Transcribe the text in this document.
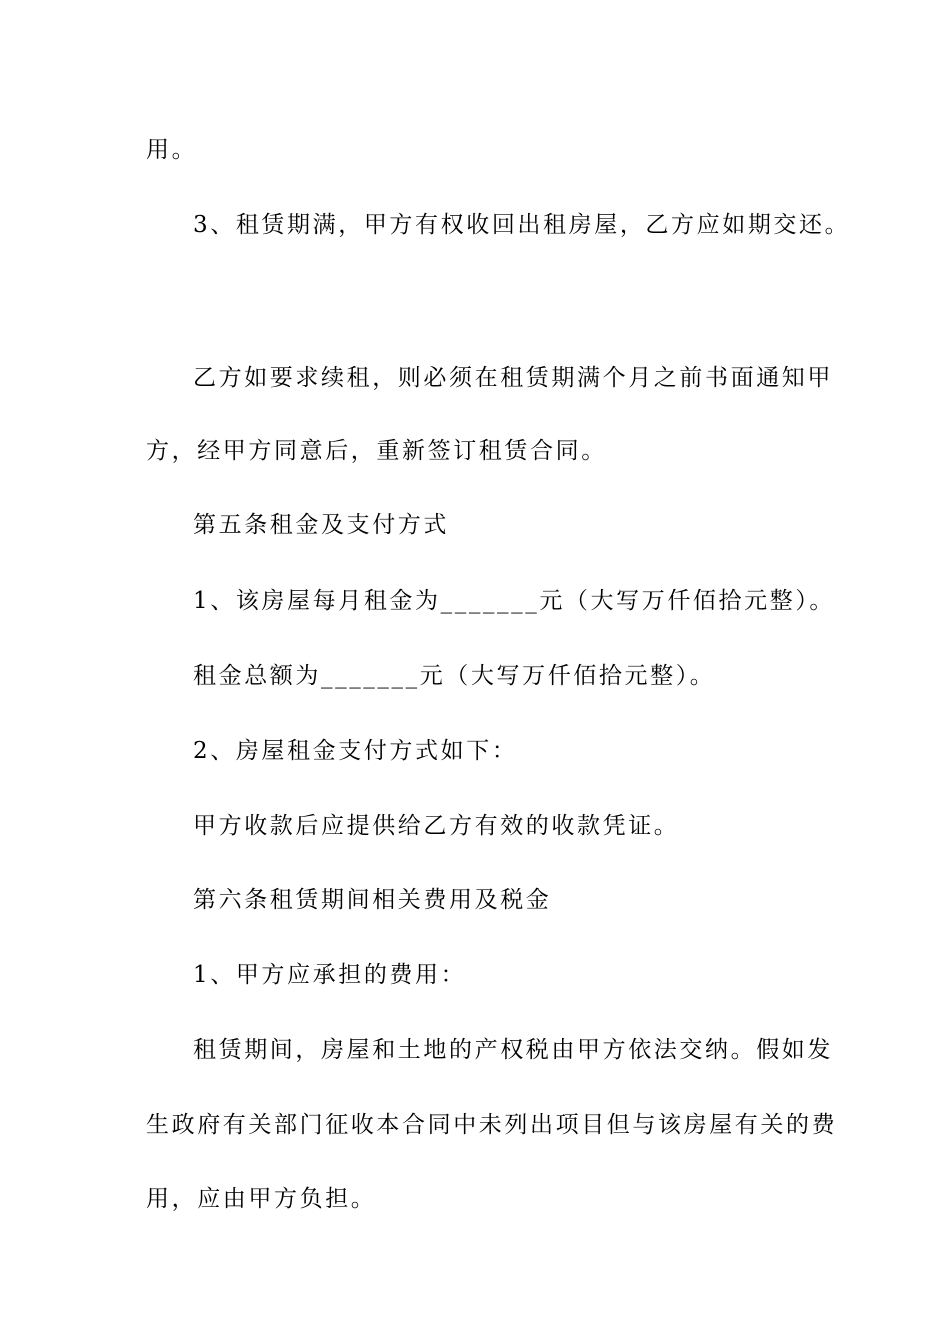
用。
3、租赁期满，甲方有权收回出租房屋，乙方应如期交还。
乙方如要求续租，则必须在租赁期满个月之前书面通知甲
方，经甲方同意后，重新签订租赁合同。
第五条租金及支付方式
1、该房屋每月租金为_______元（大写万仟佰拾元整）。
租金总额为_______元（大写万仟佰拾元整）。
2、房屋租金支付方式如下：
甲方收款后应提供给乙方有效的收款凭证。
第六条租赁期间相关费用及税金
1、甲方应承担的费用：
租赁期间，房屋和土地的产权税由甲方依法交纳。假如发
生政府有关部门征收本合同中未列出项目但与该房屋有关的费
用，应由甲方负担。
